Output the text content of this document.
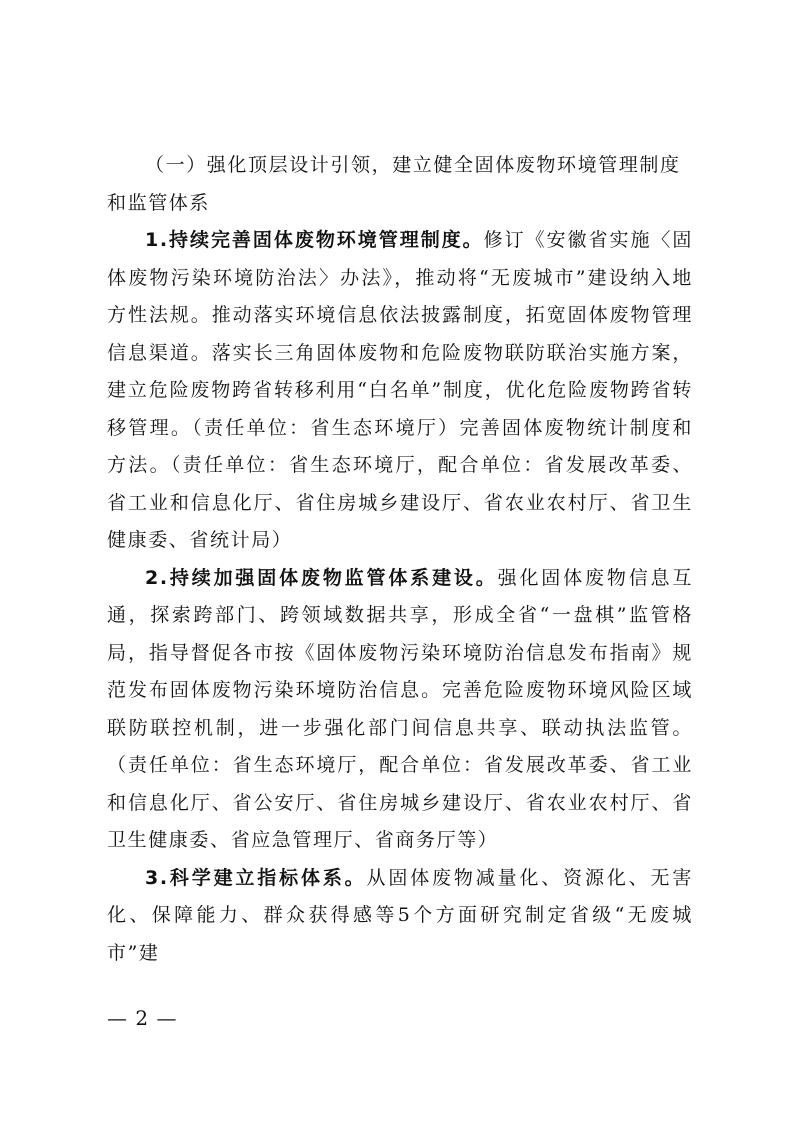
（一）强化顶层设计引领，建立健全固体废物环境管理制度和监管体系

1.持续完善固体废物环境管理制度。修订《安徽省实施〈固体废物污染环境防治法〉办法》，推动将“无废城市”建设纳入地方性法规。推动落实环境信息依法披露制度，拓宽固体废物管理信息渠道。落实长三角固体废物和危险废物联防联治实施方案，建立危险废物跨省转移利用“白名单”制度，优化危险废物跨省转移管理。（责任单位：省生态环境厅）完善固体废物统计制度和方法。（责任单位：省生态环境厅，配合单位：省发展改革委、省工业和信息化厅、省住房城乡建设厅、省农业农村厅、省卫生健康委、省统计局）

2.持续加强固体废物监管体系建设。强化固体废物信息互通，探索跨部门、跨领域数据共享，形成全省“一盘棋”监管格局，指导督促各市按《固体废物污染环境防治信息发布指南》规范发布固体废物污染环境防治信息。完善危险废物环境风险区域联防联控机制，进一步强化部门间信息共享、联动执法监管。（责任单位：省生态环境厅，配合单位：省发展改革委、省工业和信息化厅、省公安厅、省住房城乡建设厅、省农业农村厅、省卫生健康委、省应急管理厅、省商务厅等）

3.科学建立指标体系。从固体废物减量化、资源化、无害化、保障能力、群众获得感等5个方面研究制定省级“无废城市”建

— 2 —
